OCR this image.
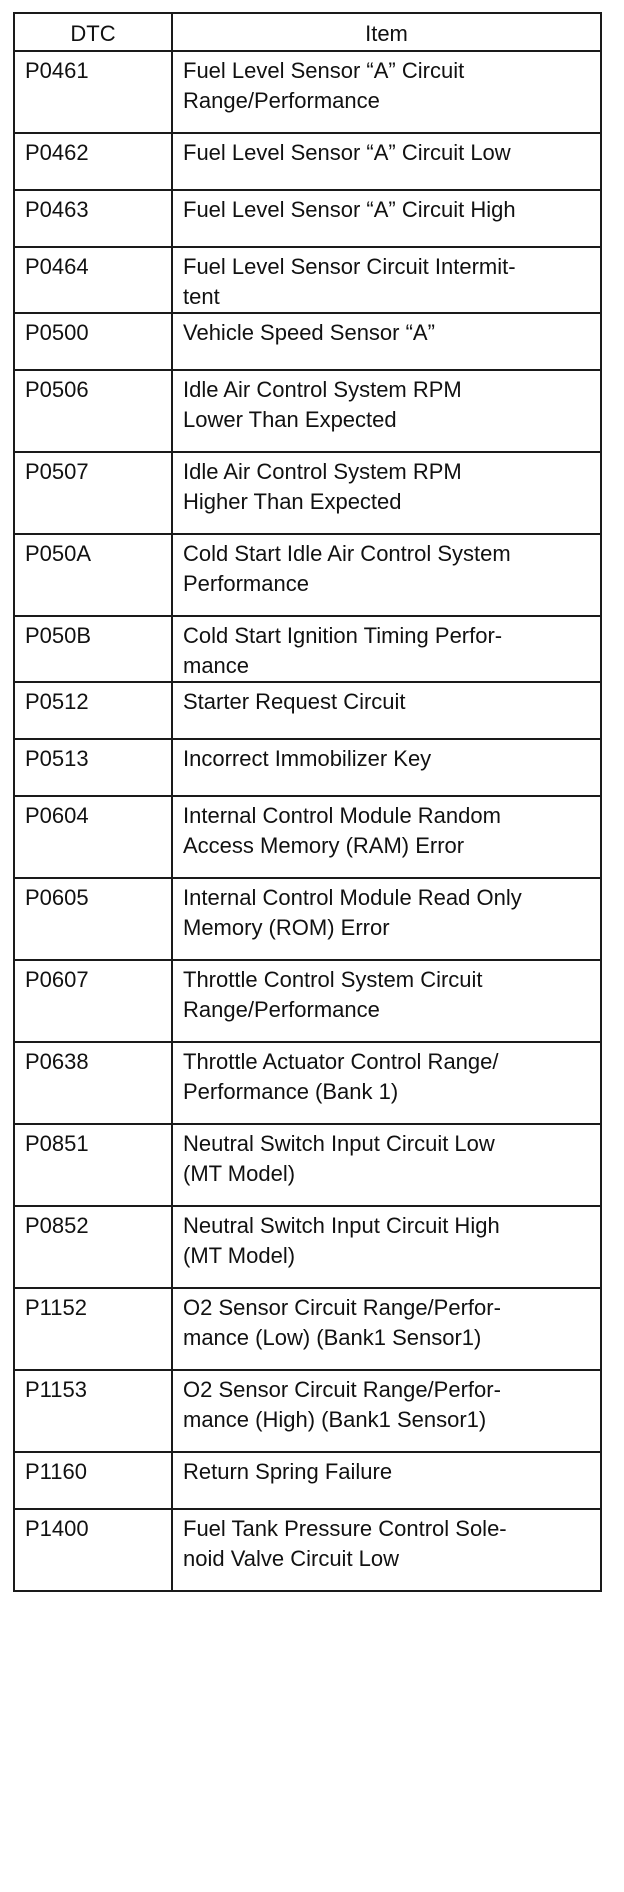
DTC	Item
P0461	Fuel Level Sensor “A” Circuit
Range/Performance
P0462	Fuel Level Sensor “A” Circuit Low
P0463	Fuel Level Sensor “A” Circuit High
P0464	Fuel Level Sensor Circuit Intermit-
tent
P0500	Vehicle Speed Sensor “A”
P0506	Idle Air Control System RPM
Lower Than Expected
P0507	Idle Air Control System RPM
Higher Than Expected
P050A	Cold Start Idle Air Control System
Performance
P050B	Cold Start Ignition Timing Perfor-
mance
P0512	Starter Request Circuit
P0513	Incorrect Immobilizer Key
P0604	Internal Control Module Random
Access Memory (RAM) Error
P0605	Internal Control Module Read Only
Memory (ROM) Error
P0607	Throttle Control System Circuit
Range/Performance
P0638	Throttle Actuator Control Range/
Performance (Bank 1)
P0851	Neutral Switch Input Circuit Low
(MT Model)
P0852	Neutral Switch Input Circuit High
(MT Model)
P1152	O2 Sensor Circuit Range/Perfor-
mance (Low) (Bank1 Sensor1)
P1153	O2 Sensor Circuit Range/Perfor-
mance (High) (Bank1 Sensor1)
P1160	Return Spring Failure
P1400	Fuel Tank Pressure Control Sole-
noid Valve Circuit Low
